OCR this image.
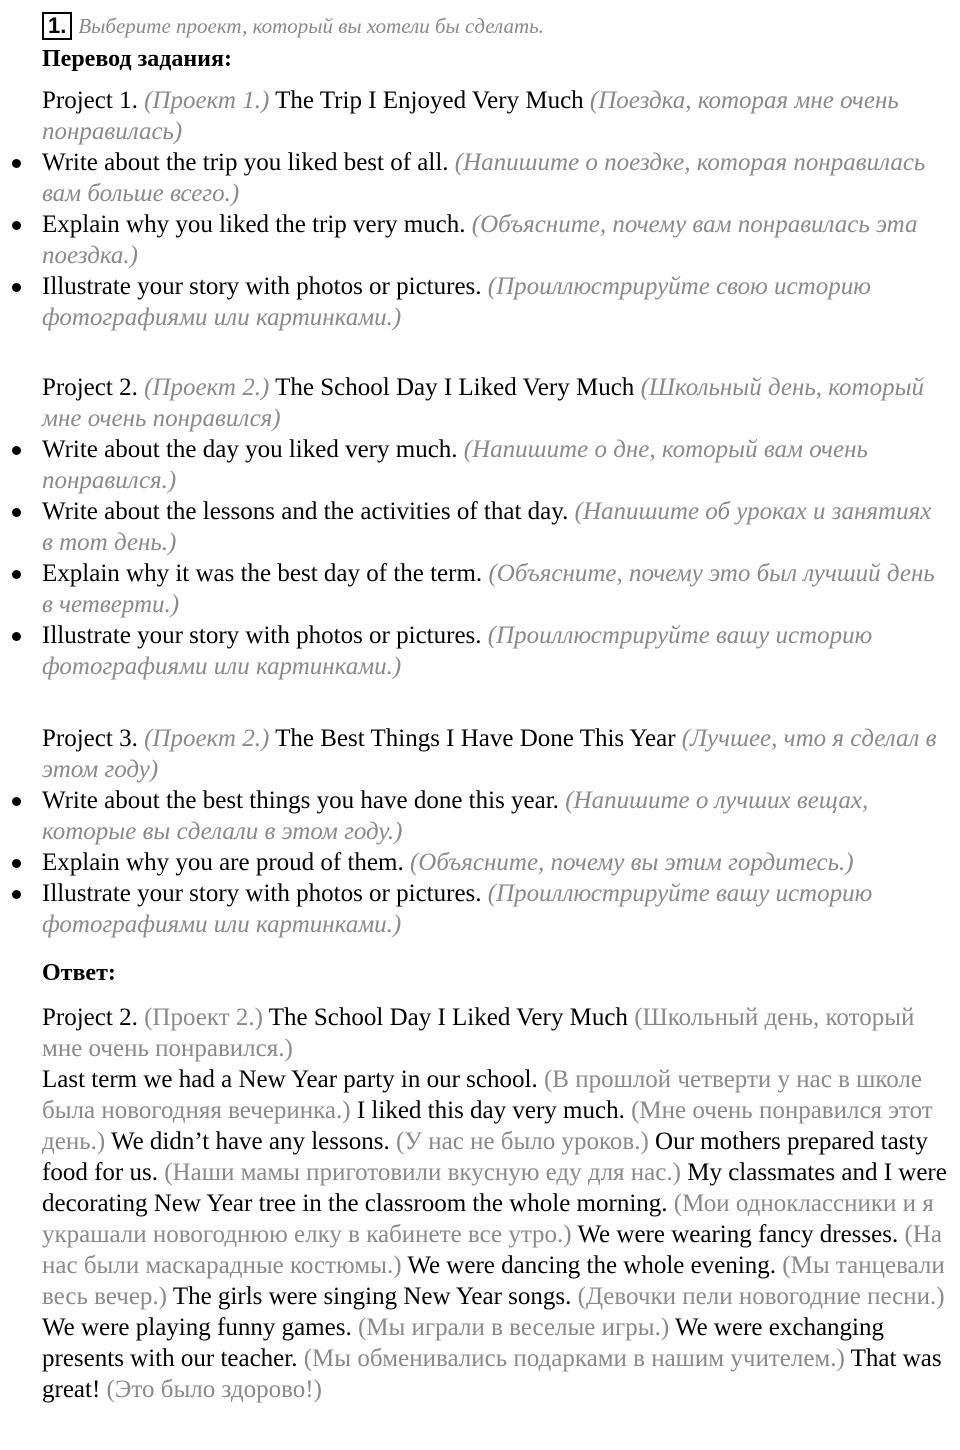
1. Выберите проект, который вы хотели бы сделать.
Перевод задания:

Project 1. (Проект 1.) The Trip I Enjoyed Very Much (Поездка, которая мне очень понравилась)

Write about the trip you liked best of all. (Напишите о поездке, которая понравилась вам больше всего.)
Explain why you liked the trip very much. (Объясните, почему вам понравилась эта поездка.)
Illustrate your story with photos or pictures. (Проиллюстрируйте свою историю фотографиями или картинками.)

Project 2. (Проект 2.) The School Day I Liked Very Much (Школьный день, который мне очень понравился)

Write about the day you liked very much. (Напишите о дне, который вам очень понравился.)
Write about the lessons and the activities of that day. (Напишите об уроках и занятиях в тот день.)
Explain why it was the best day of the term. (Объясните, почему это был лучший день в четверти.)
Illustrate your story with photos or pictures. (Проиллюстрируйте вашу историю фотографиями или картинками.)

Project 3. (Проект 2.) The Best Things I Have Done This Year (Лучшее, что я сделал в этом году)

Write about the best things you have done this year. (Напишите о лучших вещах, которые вы сделали в этом году.)
Explain why you are proud of them. (Объясните, почему вы этим гордитесь.)
Illustrate your story with photos or pictures. (Проиллюстрируйте вашу историю фотографиями или картинками.)
Ответ:

Project 2. (Проект 2.) The School Day I Liked Very Much (Школьный день, который мне очень понравился.)

Last term we had a New Year party in our school. (В прошлой четверти у нас в школе была новогодняя вечеринка.) I liked this day very much. (Мне очень понравился этот день.) We didn’t have any lessons. (У нас не было уроков.) Our mothers prepared tasty food for us. (Наши мамы приготовили вкусную еду для нас.) My classmates and I were decorating New Year tree in the classroom the whole morning. (Мои одноклассники и я украшали новогоднюю елку в кабинете все утро.) We were wearing fancy dresses. (На нас были маскарадные костюмы.) We were dancing the whole evening. (Мы танцевали весь вечер.) The girls were singing New Year songs. (Девочки пели новогодние песни.) We were playing funny games. (Мы играли в веселые игры.) We were exchanging presents with our teacher. (Мы обменивались подарками в нашим учителем.) That was great! (Это было здорово!)
